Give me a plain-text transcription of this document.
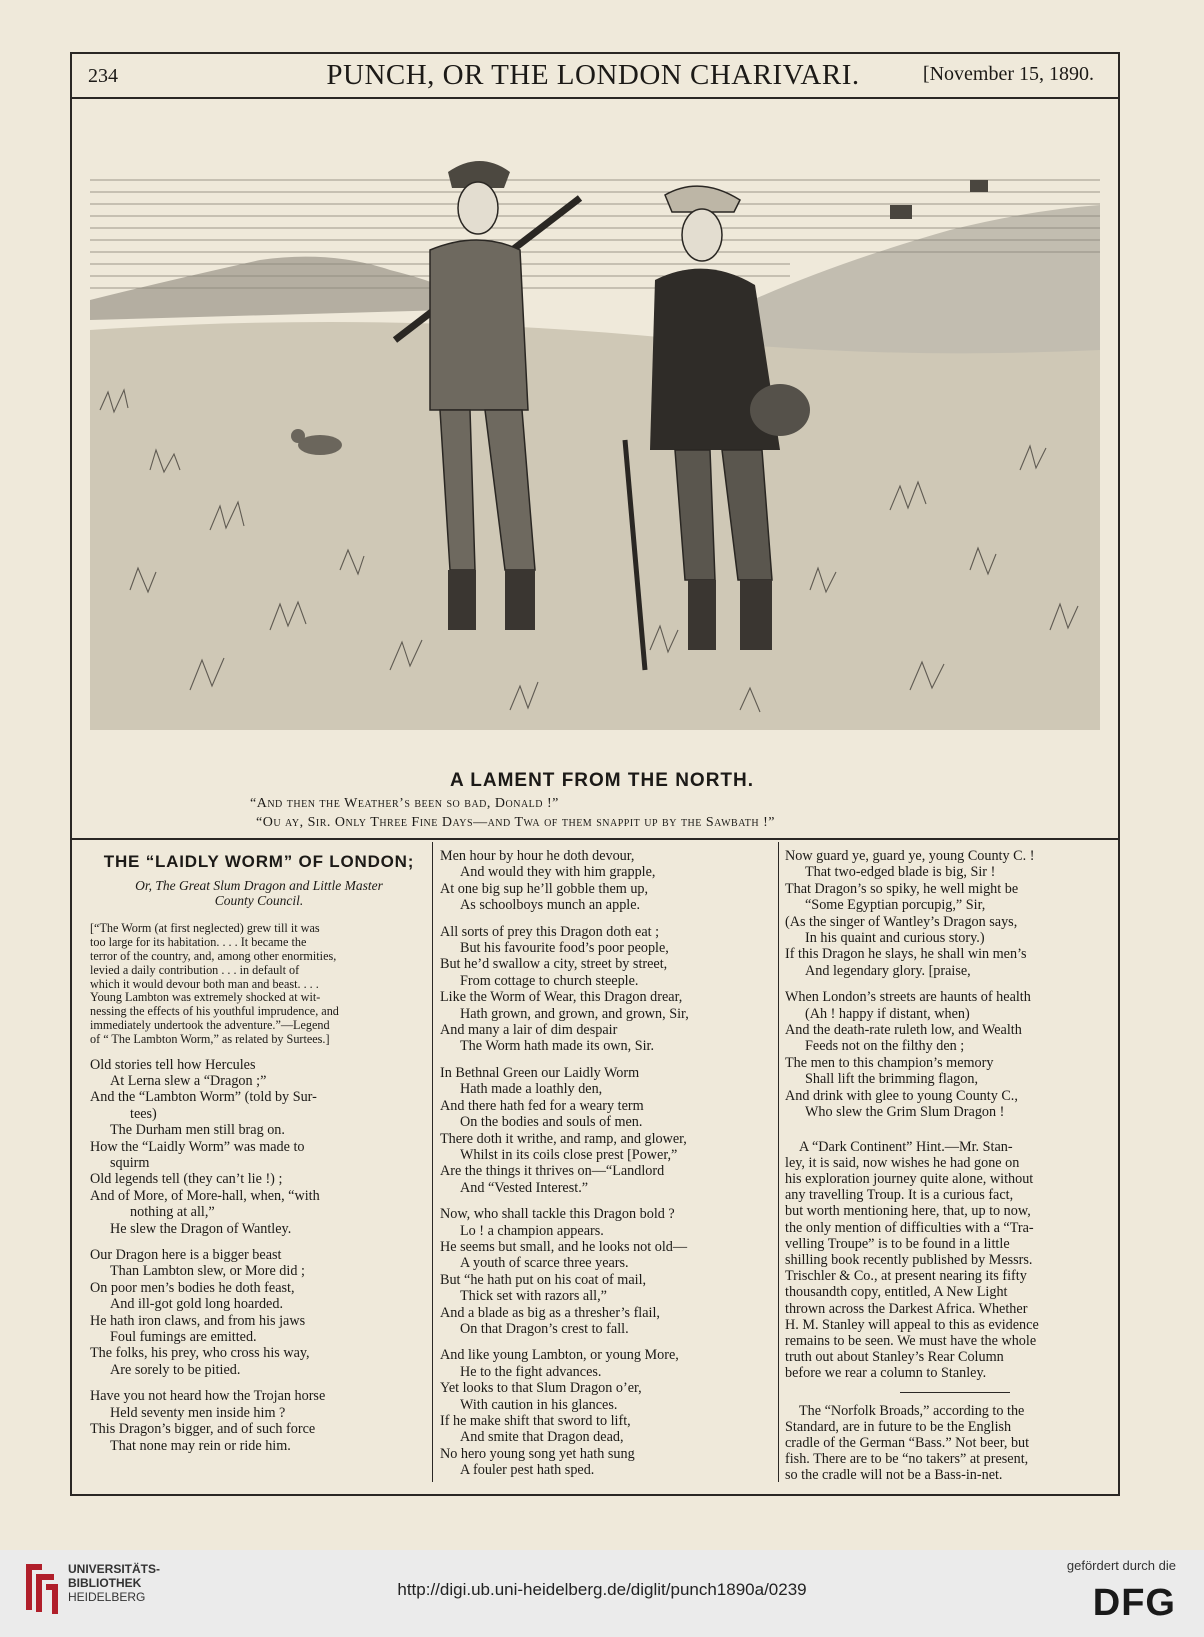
234	PUNCH, OR THE LONDON CHARIVARI.	[November 15, 1890.
A LAMENT FROM THE NORTH.
“And then the Weather’s been so bad, Donald !”
“Ou ay, Sir. Only Three Fine Days—and Twa of them snappit up by the Sawbath !”
THE “LAIDLY WORM” OF LONDON;
Or, The Great Slum Dragon and Little Master
County Council.
[“The Worm (at first neglected) grew till it was
too large for its habitation. . . . It became the
terror of the country, and, among other enormities,
levied a daily contribution . . . in default of
which it would devour both man and beast. . . .
Young Lambton was extremely shocked at wit-
nessing the effects of his youthful imprudence, and
immediately undertook the adventure.”—Legend
of “ The Lambton Worm,” as related by Surtees.]
Old stories tell how Hercules
At Lerna slew a “Dragon ;”
And the “Lambton Worm” (told by Sur-
tees)
The Durham men still brag on.
How the “Laidly Worm” was made to
squirm
Old legends tell (they can’t lie !) ;
And of More, of More-hall, when, “with
nothing at all,”
He slew the Dragon of Wantley.
Our Dragon here is a bigger beast
Than Lambton slew, or More did ;
On poor men’s bodies he doth feast,
And ill-got gold long hoarded.
He hath iron claws, and from his jaws
Foul fumings are emitted.
The folks, his prey, who cross his way,
Are sorely to be pitied.
Have you not heard how the Trojan horse
Held seventy men inside him ?
This Dragon’s bigger, and of such force
That none may rein or ride him.
Men hour by hour he doth devour,
And would they with him grapple,
At one big sup he’ll gobble them up,
As schoolboys munch an apple.
All sorts of prey this Dragon doth eat ;
But his favourite food’s poor people,
But he’d swallow a city, street by street,
From cottage to church steeple.
Like the Worm of Wear, this Dragon drear,
Hath grown, and grown, and grown, Sir,
And many a lair of dim despair
The Worm hath made its own, Sir.
In Bethnal Green our Laidly Worm
Hath made a loathly den,
And there hath fed for a weary term
On the bodies and souls of men.
There doth it writhe, and ramp, and glower,
Whilst in its coils close prest [Power,”
Are the things it thrives on—“Landlord
And “Vested Interest.”
Now, who shall tackle this Dragon bold ?
Lo ! a champion appears.
He seems but small, and he looks not old—
A youth of scarce three years.
But “he hath put on his coat of mail,
Thick set with razors all,”
And a blade as big as a thresher’s flail,
On that Dragon’s crest to fall.
And like young Lambton, or young More,
He to the fight advances.
Yet looks to that Slum Dragon o’er,
With caution in his glances.
If he make shift that sword to lift,
And smite that Dragon dead,
No hero young song yet hath sung
A fouler pest hath sped.
Now guard ye, guard ye, young County C. !
That two-edged blade is big, Sir !
That Dragon’s so spiky, he well might be
“Some Egyptian porcupig,” Sir,
(As the singer of Wantley’s Dragon says,
In his quaint and curious story.)
If this Dragon he slays, he shall win men’s
And legendary glory. [praise,
When London’s streets are haunts of health
(Ah ! happy if distant, when)
And the death-rate ruleth low, and Wealth
Feeds not on the filthy den ;
The men to this champion’s memory
Shall lift the brimming flagon,
And drink with glee to young County C.,
Who slew the Grim Slum Dragon !
A “Dark Continent” Hint.—Mr. Stan-
ley, it is said, now wishes he had gone on
his exploration journey quite alone, without
any travelling Troup. It is a curious fact,
but worth mentioning here, that, up to now,
the only mention of difficulties with a “Tra-
velling Troupe” is to be found in a little
shilling book recently published by Messrs.
Trischler & Co., at present nearing its fifty
thousandth copy, entitled, A New Light
thrown across the Darkest Africa. Whether
H. M. Stanley will appeal to this as evidence
remains to be seen. We must have the whole
truth out about Stanley’s Rear Column
before we rear a column to Stanley.
The “Norfolk Broads,” according to the
Standard, are in future to be the English
cradle of the German “Bass.” Not beer, but
fish. There are to be “no takers” at present,
so the cradle will not be a Bass-in-net.
UNIVERSITÄTS-
BIBLIOTHEK
HEIDELBERG	http://digi.ub.uni-heidelberg.de/diglit/punch1890a/0239
gefördert durch die
DFG
